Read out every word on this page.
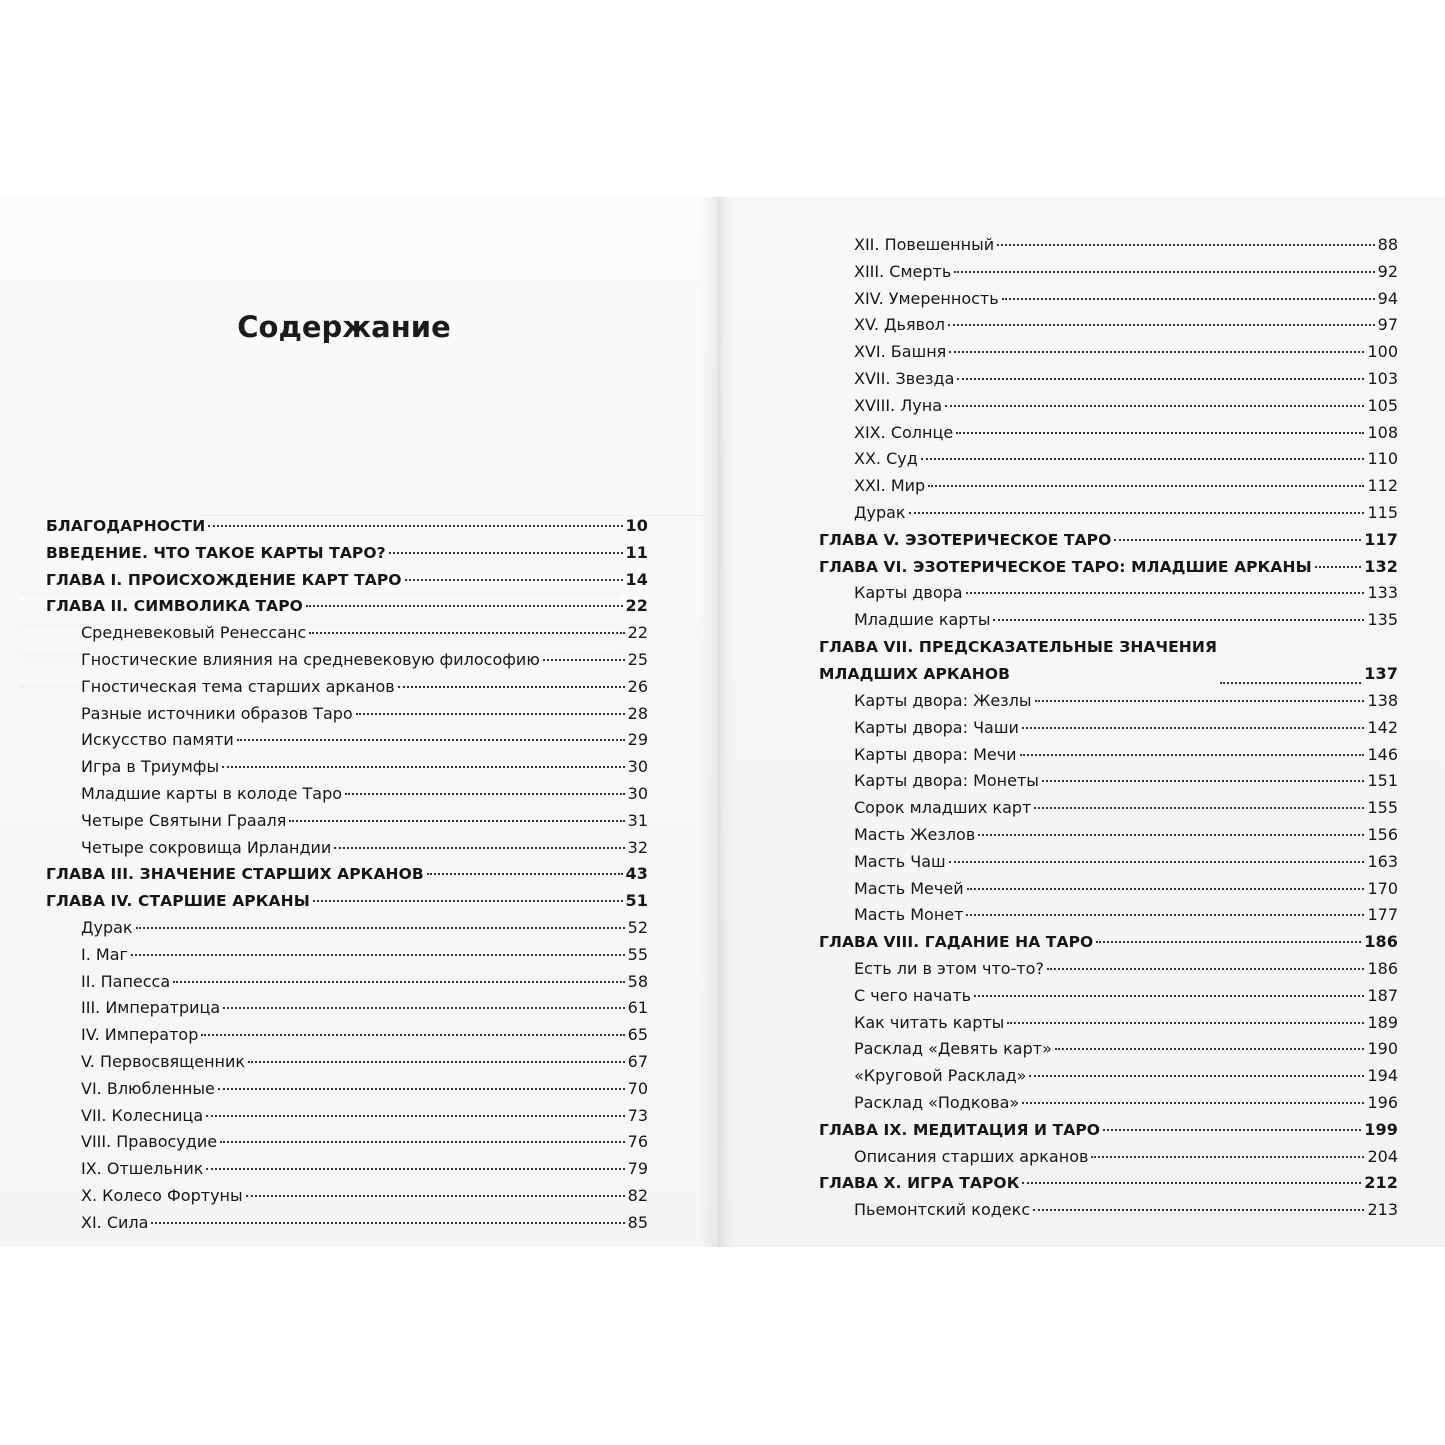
Содержание
БЛАГОДАРНОСТИ	10
ВВЕДЕНИЕ. ЧТО ТАКОЕ КАРТЫ ТАРО?	11
ГЛАВА I. ПРОИСХОЖДЕНИЕ КАРТ ТАРО	14
ГЛАВА II. СИМВОЛИКА ТАРО	22
Средневековый Ренессанс	22
Гностические влияния на средневековую философию	25
Гностическая тема старших арканов	26
Разные источники образов Таро	28
Искусство памяти	29
Игра в Триумфы	30
Младшие карты в колоде Таро	30
Четыре Святыни Грааля	31
Четыре сокровища Ирландии	32
ГЛАВА III. ЗНАЧЕНИЕ СТАРШИХ АРКАНОВ	43
ГЛАВА IV. СТАРШИЕ АРКАНЫ	51
Дурак	52
I. Маг	55
II. Папесса	58
III. Императрица	61
IV. Император	65
V. Первосвященник	67
VI. Влюбленные	70
VII. Колесница	73
VIII. Правосудие	76
IX. Отшельник	79
X. Колесо Фортуны	82
XI. Сила	85
XII. Повешенный	88
XIII. Смерть	92
XIV. Умеренность	94
XV. Дьявол	97
XVI. Башня	100
XVII. Звезда	103
XVIII. Луна	105
XIX. Солнце	108
XX. Суд	110
XXI. Мир	112
Дурак	115
ГЛАВА V. ЭЗОТЕРИЧЕСКОЕ ТАРО	117
ГЛАВА VI. ЭЗОТЕРИЧЕСКОЕ ТАРО: МЛАДШИЕ АРКАНЫ	132
Карты двора	133
Младшие карты	135
ГЛАВА VII. ПРЕДСКАЗАТЕЛЬНЫЕ ЗНАЧЕНИЯ
МЛАДШИХ АРКАНОВ	137
Карты двора: Жезлы	138
Карты двора: Чаши	142
Карты двора: Мечи	146
Карты двора: Монеты	151
Сорок младших карт	155
Масть Жезлов	156
Масть Чаш	163
Масть Мечей	170
Масть Монет	177
ГЛАВА VIII. ГАДАНИЕ НА ТАРО	186
Есть ли в этом что-то?	186
С чего начать	187
Как читать карты	189
Расклад «Девять карт»	190
«Круговой Расклад»	194
Расклад «Подкова»	196
ГЛАВА IX. МЕДИТАЦИЯ И ТАРО	199
Описания старших арканов	204
ГЛАВА X. ИГРА ТАРОК	212
Пьемонтский кодекс	213
